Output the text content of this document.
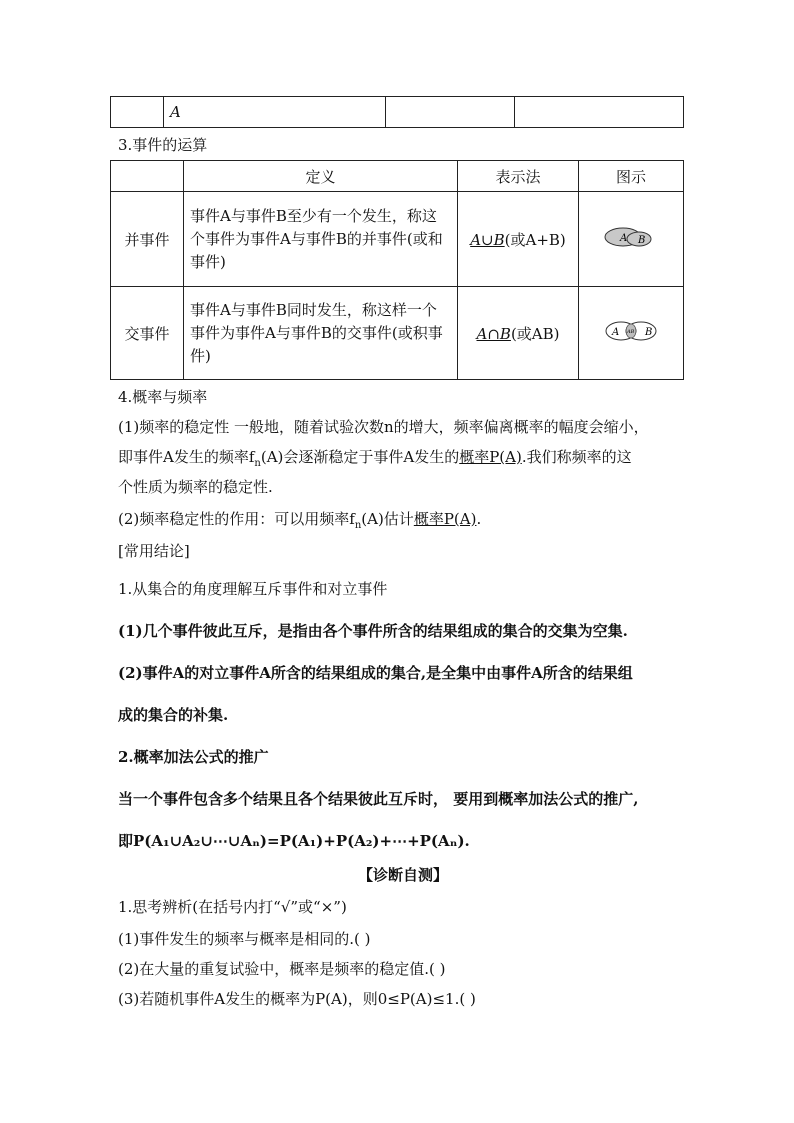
	A		
3.事件的运算
	定义	表示法	图示
并事件	事件A与事件B至少有一个发生，称这个事件为事件A与事件B的并事件(或和事件)	A∪B(或A+B)	A B

交事件	事件A与事件B同时发生，称这样一个事件为事件A与事件B的交事件(或积事件)	A∩B(或AB)	A AB B
4.概率与频率
(1)频率的稳定性 一般地，随着试验次数n的增大，频率偏离概率的幅度会缩小，
即事件A发生的频率$f_n(A)$会逐渐稳定于事件A发生的概率P(A).我们称频率的这
个性质为频率的稳定性.
(2)频率稳定性的作用：可以用频率$f_n(A)$估计概率P(A).
[常用结论]
1.从集合的角度理解互斥事件和对立事件
(1)几个事件彼此互斥，是指由各个事件所含的结果组成的集合的交集为空集.
(2)事件A的对立事件A所含的结果组成的集合,是全集中由事件A所含的结果组
成的集合的补集.
2.概率加法公式的推广
当一个事件包含多个结果且各个结果彼此互斥时， 要用到概率加法公式的推广,
即P(A₁∪A₂∪⋯∪Aₙ)=P(A₁)+P(A₂)+⋯+P(Aₙ).
【诊断自测】
1.思考辨析(在括号内打“√”或“×”)
(1)事件发生的频率与概率是相同的.( )
(2)在大量的重复试验中，概率是频率的稳定值.( )
(3)若随机事件A发生的概率为P(A)，则0≤P(A)≤1.( )
